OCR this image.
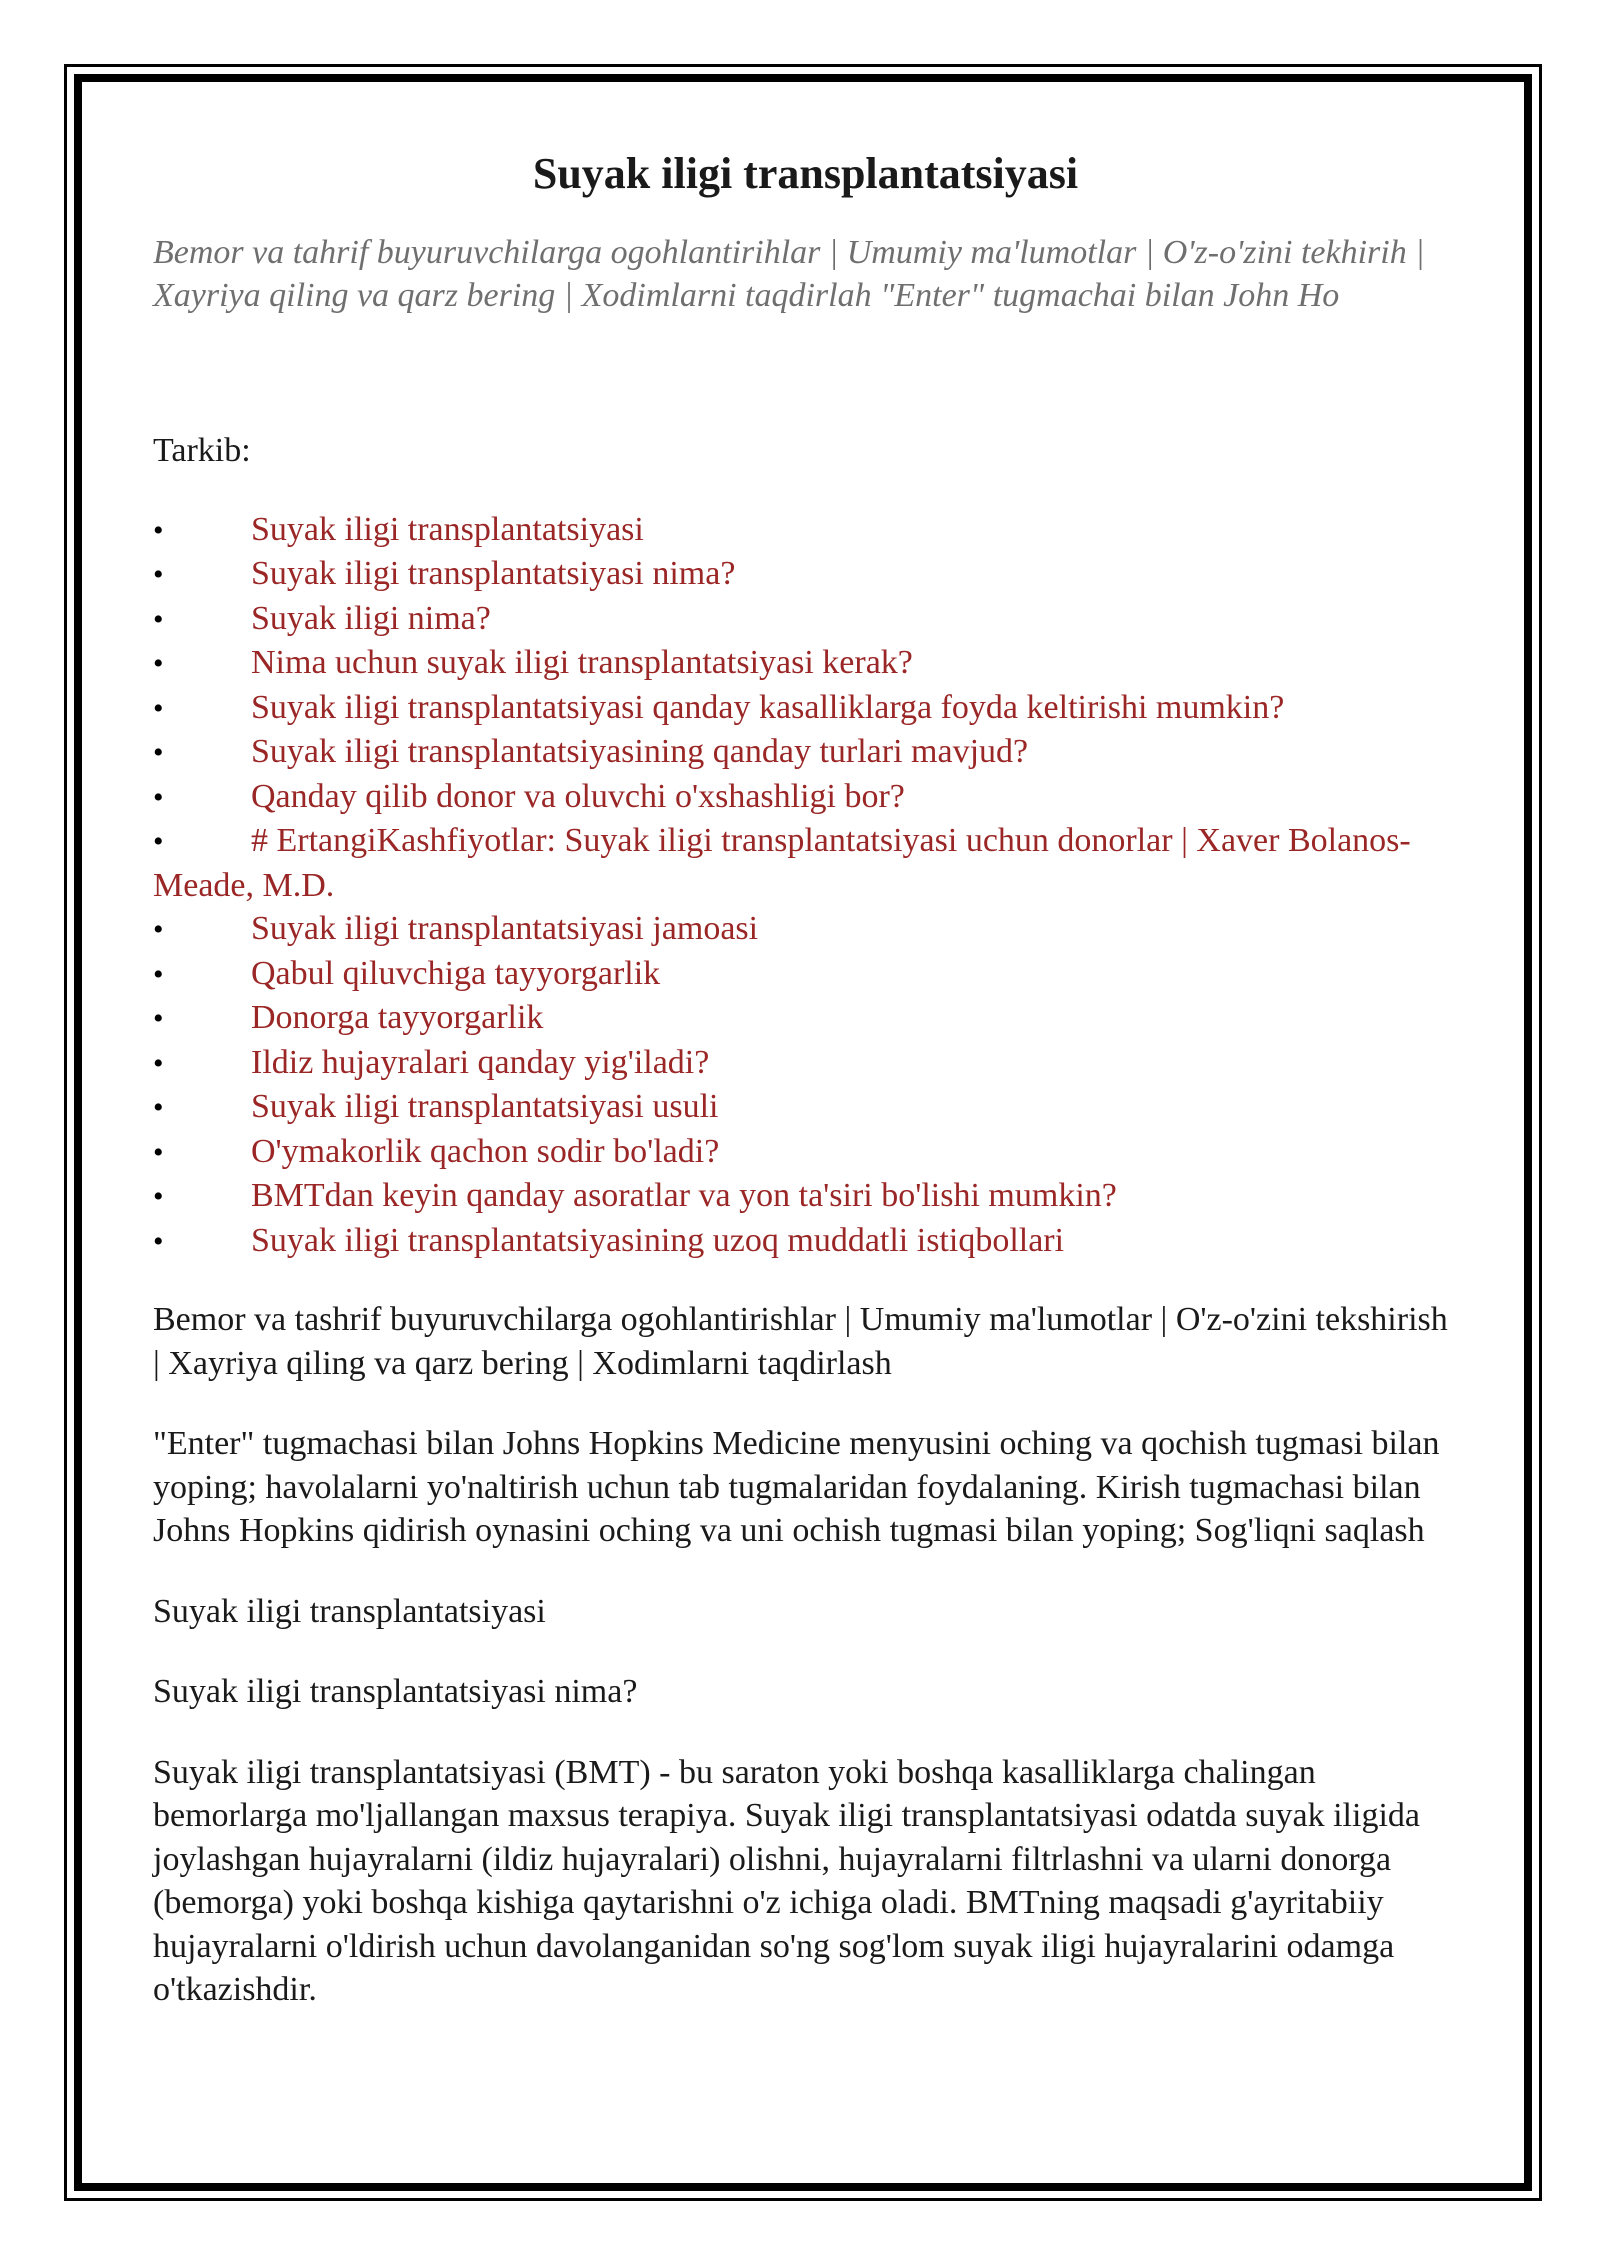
Suyak iligi transplantatsiyasi
Bemor va tahrif buyuruvchilarga ogohlantirihlar | Umumiy ma'lumotlar | O'z-o'zini tekhirih | Xayriya qiling va qarz bering | Xodimlarni taqdirlah "Enter" tugmachai bilan John Ho
Tarkib:
•	Suyak iligi transplantatsiyasi
•	Suyak iligi transplantatsiyasi nima?
•	Suyak iligi nima?
•	Nima uchun suyak iligi transplantatsiyasi kerak?
•	Suyak iligi transplantatsiyasi qanday kasalliklarga foyda keltirishi mumkin?
•	Suyak iligi transplantatsiyasining qanday turlari mavjud?
•	Qanday qilib donor va oluvchi o'xshashligi bor?
•	# ErtangiKashfiyotlar: Suyak iligi transplantatsiyasi uchun donorlar | Xaver Bolanos-Meade, M.D.
•	Suyak iligi transplantatsiyasi jamoasi
•	Qabul qiluvchiga tayyorgarlik
•	Donorga tayyorgarlik
•	Ildiz hujayralari qanday yig'iladi?
•	Suyak iligi transplantatsiyasi usuli
•	O'ymakorlik qachon sodir bo'ladi?
•	BMTdan keyin qanday asoratlar va yon ta'siri bo'lishi mumkin?
•	Suyak iligi transplantatsiyasining uzoq muddatli istiqbollari

Bemor va tashrif buyuruvchilarga ogohlantirishlar | Umumiy ma'lumotlar | O'z-o'zini tekshirish | Xayriya qiling va qarz bering | Xodimlarni taqdirlash

"Enter" tugmachasi bilan Johns Hopkins Medicine menyusini oching va qochish tugmasi bilan yoping; havolalarni yo'naltirish uchun tab tugmalaridan foydalaning. Kirish tugmachasi bilan Johns Hopkins qidirish oynasini oching va uni ochish tugmasi bilan yoping; Sog'liqni saqlash

Suyak iligi transplantatsiyasi

Suyak iligi transplantatsiyasi nima?

Suyak iligi transplantatsiyasi (BMT) - bu saraton yoki boshqa kasalliklarga chalingan bemorlarga mo'ljallangan maxsus terapiya. Suyak iligi transplantatsiyasi odatda suyak iligida joylashgan hujayralarni (ildiz hujayralari) olishni, hujayralarni filtrlashni va ularni donorga (bemorga) yoki boshqa kishiga qaytarishni o'z ichiga oladi. BMTning maqsadi g'ayritabiiy hujayralarni o'ldirish uchun davolanganidan so'ng sog'lom suyak iligi hujayralarini odamga o'tkazishdir.
